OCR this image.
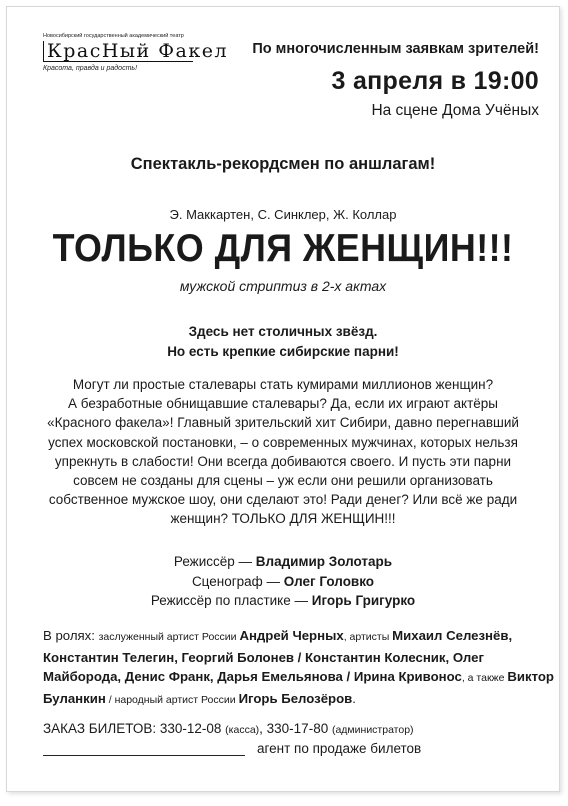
Новосибирский государственный академический театр
КрасНый Факел
Красота, правда и радость!
По многочисленным заявкам зрителей!
3 апреля в 19:00
На сцене Дома Учёных
Спектакль-рекордсмен по аншлагам!
Э. Маккартен, С. Синклер, Ж. Коллар
ТОЛЬКО ДЛЯ ЖЕНЩИН!!!
мужской стриптиз в 2-х актах
Здесь нет столичных звёзд.
Но есть крепкие сибирские парни!
Могут ли простые сталевары стать кумирами миллионов женщин?
А безработные обнищавшие сталевары? Да, если их играют актёры
«Красного факела»! Главный зрительский хит Сибири, давно перегнавший
успех московской постановки, – о современных мужчинах, которых нельзя
упрекнуть в слабости! Они всегда добиваются своего. И пусть эти парни
совсем не созданы для сцены – уж если они решили организовать
собственное мужское шоу, они сделают это! Ради денег? Или всё же ради
женщин? ТОЛЬКО ДЛЯ ЖЕНЩИН!!!
Режиссёр — Владимир Золотарь
Сценограф — Олег Головко
Режиссёр по пластике — Игорь Григурко
В ролях: заслуженный артист России Андрей Черных, артисты Михаил Селезнёв,
Константин Телегин, Георгий Болонев / Константин Колесник, Олег
Майборода, Денис Франк, Дарья Емельянова / Ирина Кривонос, а также Виктор
Буланкин / народный артист России Игорь Белозёров.
ЗАКАЗ БИЛЕТОВ: 330-12-08 (касса), 330-17-80 (администратор)
агент по продаже билетов
